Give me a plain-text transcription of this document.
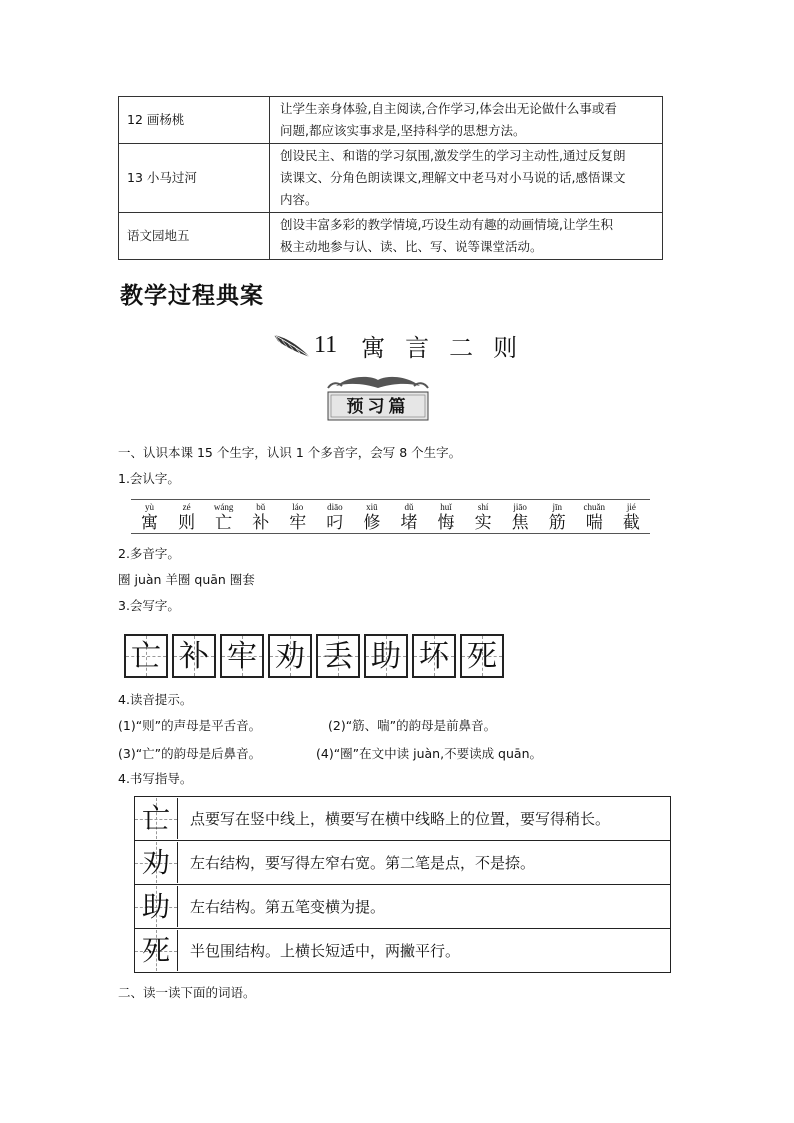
12 画杨桃	让学生亲身体验,自主阅读,合作学习,体会出无论做什么事或看
问题,都应该实事求是,坚持科学的思想方法。

13 小马过河	创设民主、和谐的学习氛围,激发学生的学习主动性,通过反复朗
读课文、分角色朗读课文,理解文中老马对小马说的话,感悟课文
内容。

语文园地五	创设丰富多彩的教学情境,巧设生动有趣的动画情境,让学生积
极主动地参与认、读、比、写、说等课堂活动。
教学过程典案
11 寓言二则
预习篇
一、认识本课 15 个生字，认识 1 个多音字，会写 8 个生字。
1.会认字。
yù
寓
zé
则
wáng
亡
bǔ
补
láo
牢
diāo
叼
xiū
修
dǔ
堵
huǐ
悔
shí
实
jiāo
焦
jīn
筋
chuǎn
喘
jié
截
2.多音字。
圈 juàn 羊圈 quān 圈套
3.会写字。
亡 补 牢 劝 丢 助 坏 死
4.读音提示。
(1)“则”的声母是平舌音。	(2)“筋、喘”的韵母是前鼻音。
(3)“亡”的韵母是后鼻音。	(4)“圈”在文中读 juàn,不要读成 quān。
4.书写指导。
亡	点要写在竖中线上，横要写在横中线略上的位置，要写得稍长。
劝	左右结构，要写得左窄右宽。第二笔是点，不是捺。
助	左右结构。第五笔变横为提。
死	半包围结构。上横长短适中，两撇平行。
二、读一读下面的词语。
